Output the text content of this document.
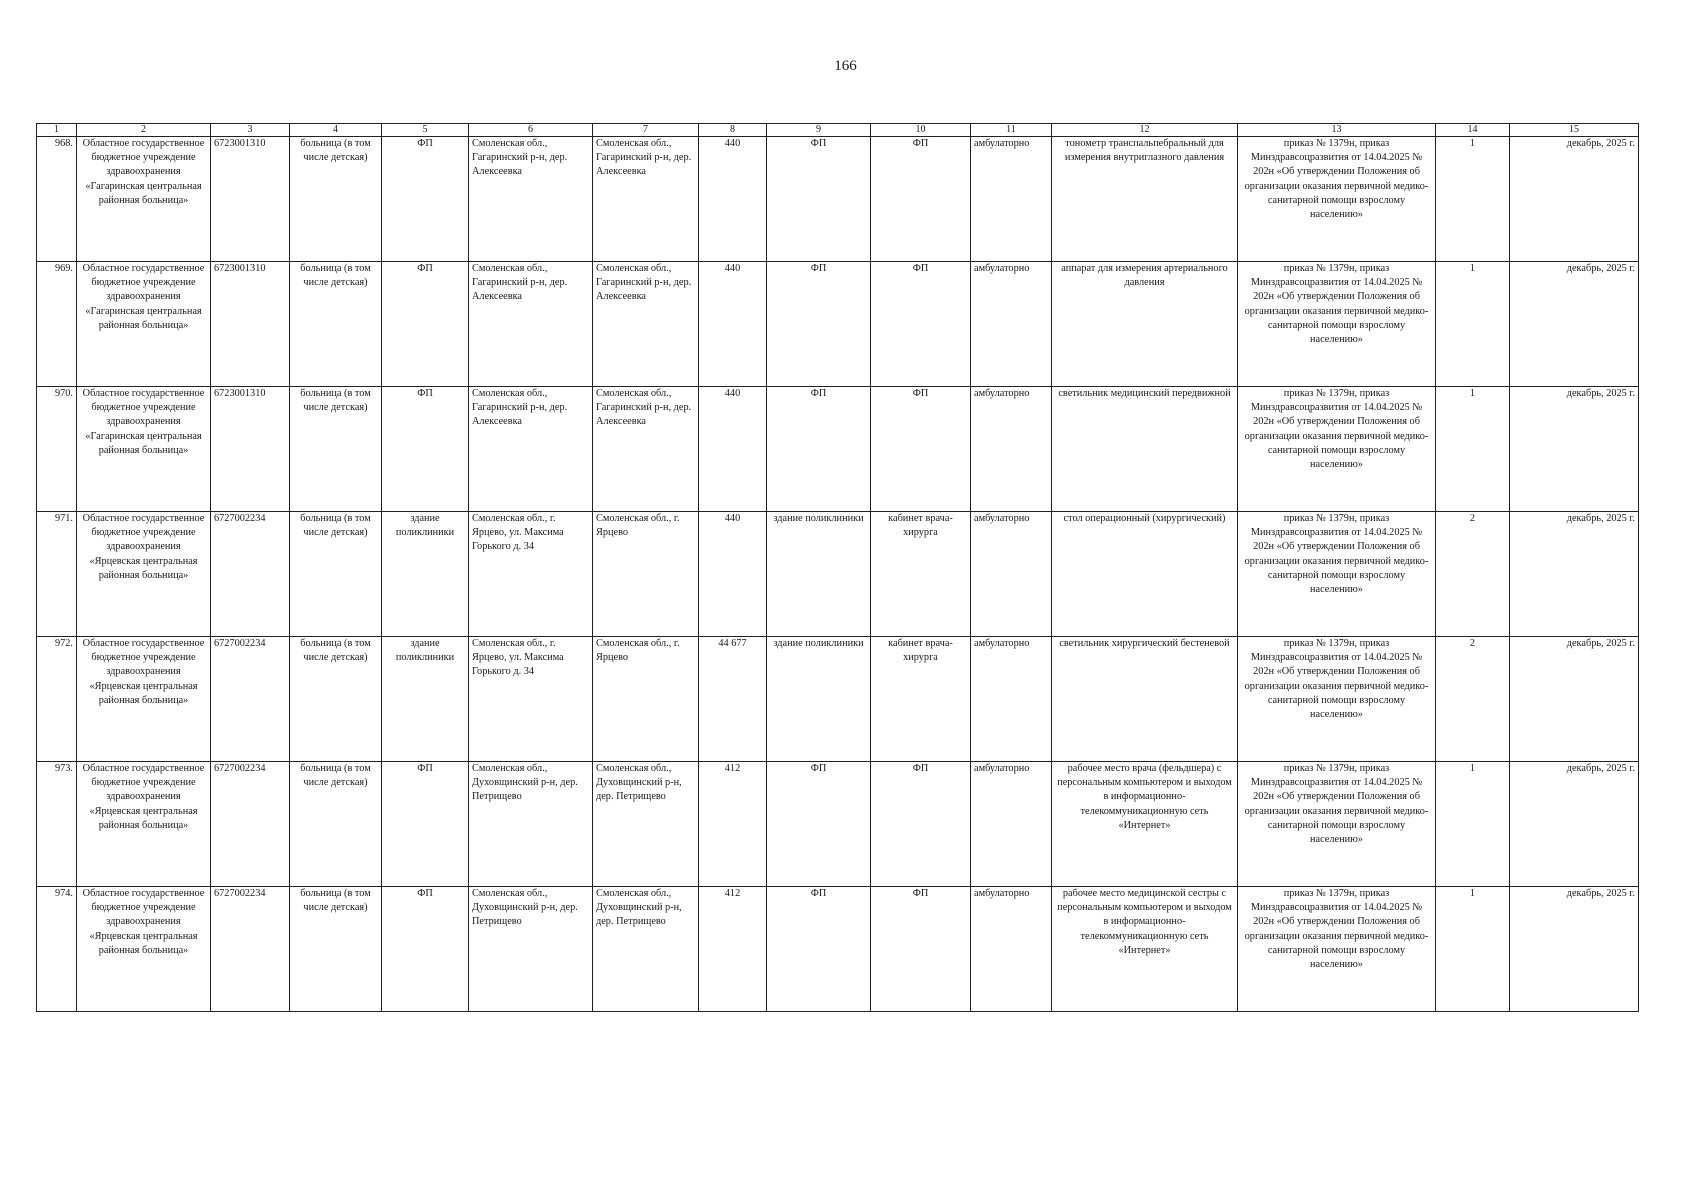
166
1	2	3	4	5	6	7	8	9	10	11	12	13	14	15
968.	Областное государственное бюджетное учреждение здравоохранения «Гагаринская центральная районная больница»	6723001310	больница (в том числе детская)	ФП	Смоленская обл., Гагаринский р-н, дер. Алексеевка	Смоленская обл., Гагаринский р-н, дер. Алексеевка	440	ФП	ФП	амбулаторно	тонометр транспальпебральный для измерения внутриглазного давления	приказ № 1379н, приказ Минздравсоцразвития от 14.04.2025 № 202н «Об утверждении Положения об организации оказания первичной медико-санитарной помощи взрослому населению»	1	декабрь, 2025 г.
969.	Областное государственное бюджетное учреждение здравоохранения «Гагаринская центральная районная больница»	6723001310	больница (в том числе детская)	ФП	Смоленская обл., Гагаринский р-н, дер. Алексеевка	Смоленская обл., Гагаринский р-н, дер. Алексеевка	440	ФП	ФП	амбулаторно	аппарат для измерения артериального давления	приказ № 1379н, приказ Минздравсоцразвития от 14.04.2025 № 202н «Об утверждении Положения об организации оказания первичной медико-санитарной помощи взрослому населению»	1	декабрь, 2025 г.
970.	Областное государственное бюджетное учреждение здравоохранения «Гагаринская центральная районная больница»	6723001310	больница (в том числе детская)	ФП	Смоленская обл., Гагаринский р-н, дер. Алексеевка	Смоленская обл., Гагаринский р-н, дер. Алексеевка	440	ФП	ФП	амбулаторно	светильник медицинский передвижной	приказ № 1379н, приказ Минздравсоцразвития от 14.04.2025 № 202н «Об утверждении Положения об организации оказания первичной медико-санитарной помощи взрослому населению»	1	декабрь, 2025 г.
971.	Областное государственное бюджетное учреждение здравоохранения «Ярцевская центральная районная больница»	6727002234	больница (в том числе детская)	здание поликлиники	Смоленская обл., г. Ярцево, ул. Максима Горького д. 34	Смоленская обл., г. Ярцево	440	здание поликлиники	кабинет врача-хирурга	амбулаторно	стол операционный (хирургический)	приказ № 1379н, приказ Минздравсоцразвития от 14.04.2025 № 202н «Об утверждении Положения об организации оказания первичной медико-санитарной помощи взрослому населению»	2	декабрь, 2025 г.
972.	Областное государственное бюджетное учреждение здравоохранения «Ярцевская центральная районная больница»	6727002234	больница (в том числе детская)	здание поликлиники	Смоленская обл., г. Ярцево, ул. Максима Горького д. 34	Смоленская обл., г. Ярцево	44 677	здание поликлиники	кабинет врача-хирурга	амбулаторно	светильник хирургический бестеневой	приказ № 1379н, приказ Минздравсоцразвития от 14.04.2025 № 202н «Об утверждении Положения об организации оказания первичной медико-санитарной помощи взрослому населению»	2	декабрь, 2025 г.
973.	Областное государственное бюджетное учреждение здравоохранения «Ярцевская центральная районная больница»	6727002234	больница (в том числе детская)	ФП	Смоленская обл., Духовщинский р-н, дер. Петрищево	Смоленская обл., Духовщинский р-н, дер. Петрищево	412	ФП	ФП	амбулаторно	рабочее место врача (фельдшера) с персональным компьютером и выходом в информационно-телекоммуникационную сеть «Интернет»	приказ № 1379н, приказ Минздравсоцразвития от 14.04.2025 № 202н «Об утверждении Положения об организации оказания первичной медико-санитарной помощи взрослому населению»	1	декабрь, 2025 г.
974.	Областное государственное бюджетное учреждение здравоохранения «Ярцевская центральная районная больница»	6727002234	больница (в том числе детская)	ФП	Смоленская обл., Духовщинский р-н, дер. Петрищево	Смоленская обл., Духовщинский р-н, дер. Петрищево	412	ФП	ФП	амбулаторно	рабочее место медицинской сестры с персональным компьютером и выходом в информационно-телекоммуникационную сеть «Интернет»	приказ № 1379н, приказ Минздравсоцразвития от 14.04.2025 № 202н «Об утверждении Положения об организации оказания первичной медико-санитарной помощи взрослому населению»	1	декабрь, 2025 г.
